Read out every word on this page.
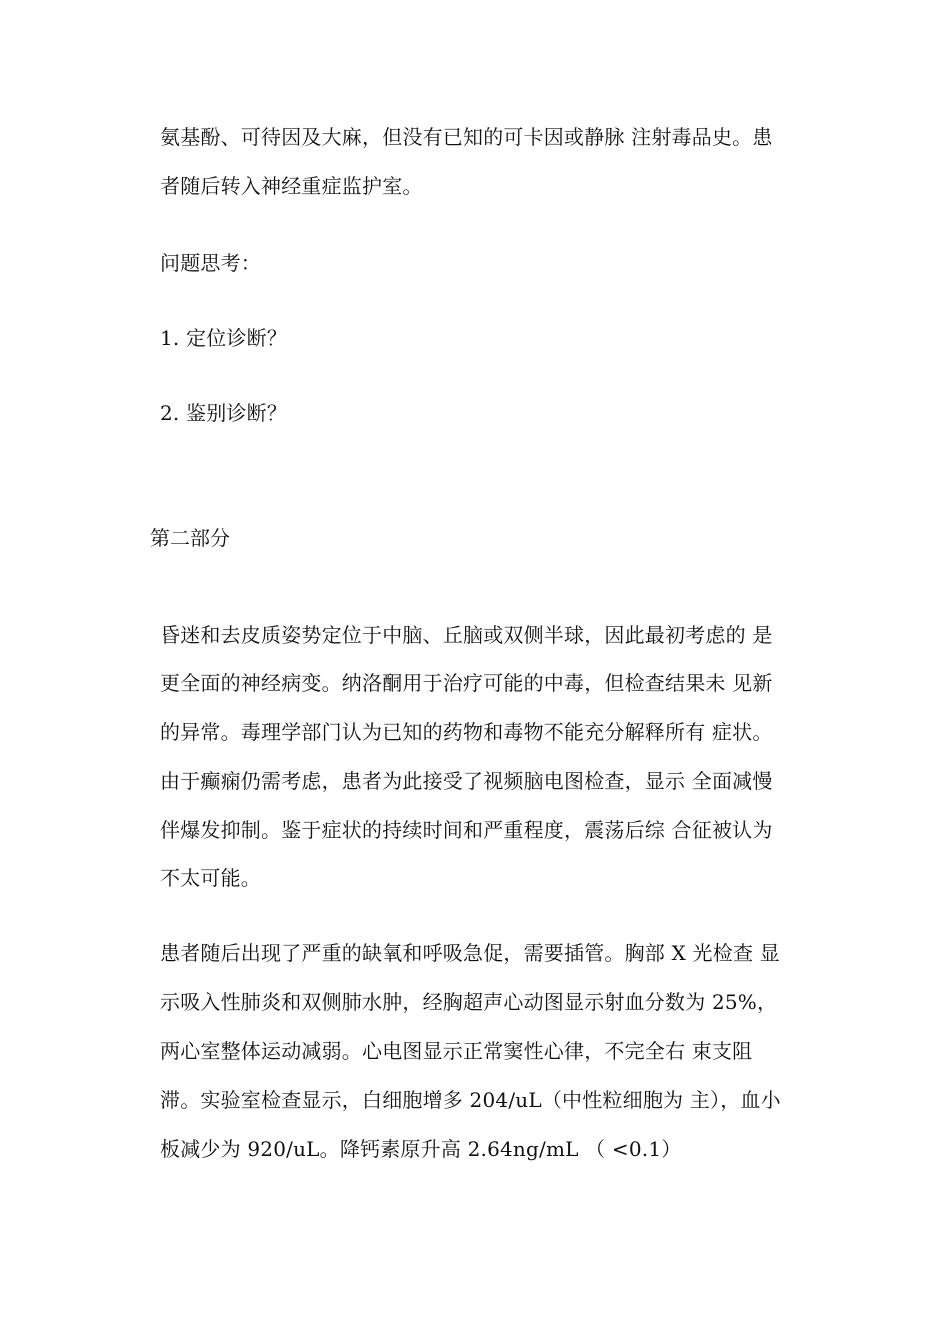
氨基酚、可待因及大麻，但没有已知的可卡因或静脉 注射毒品史。患
者随后转入神经重症监护室。
问题思考：
1. 定位诊断？
2. 鉴别诊断？
第二部分
昏迷和去皮质姿势定位于中脑、丘脑或双侧半球，因此最初考虑的 是
更全面的神经病变。纳洛酮用于治疗可能的中毒，但检查结果未 见新
的异常。毒理学部门认为已知的药物和毒物不能充分解释所有 症状。
由于癫痫仍需考虑，患者为此接受了视频脑电图检查，显示 全面减慢
伴爆发抑制。鉴于症状的持续时间和严重程度，震荡后综 合征被认为
不太可能。
患者随后出现了严重的缺氧和呼吸急促，需要插管。胸部 X 光检查 显
示吸入性肺炎和双侧肺水肿，经胸超声心动图显示射血分数为 25%，
两心室整体运动减弱。心电图显示正常窦性心律，不完全右 束支阻
滞。实验室检查显示，白细胞增多 204/uL（中性粒细胞为 主），血小
板减少为 920/uL。降钙素原升高 2.64ng/mL （ <0.1）
